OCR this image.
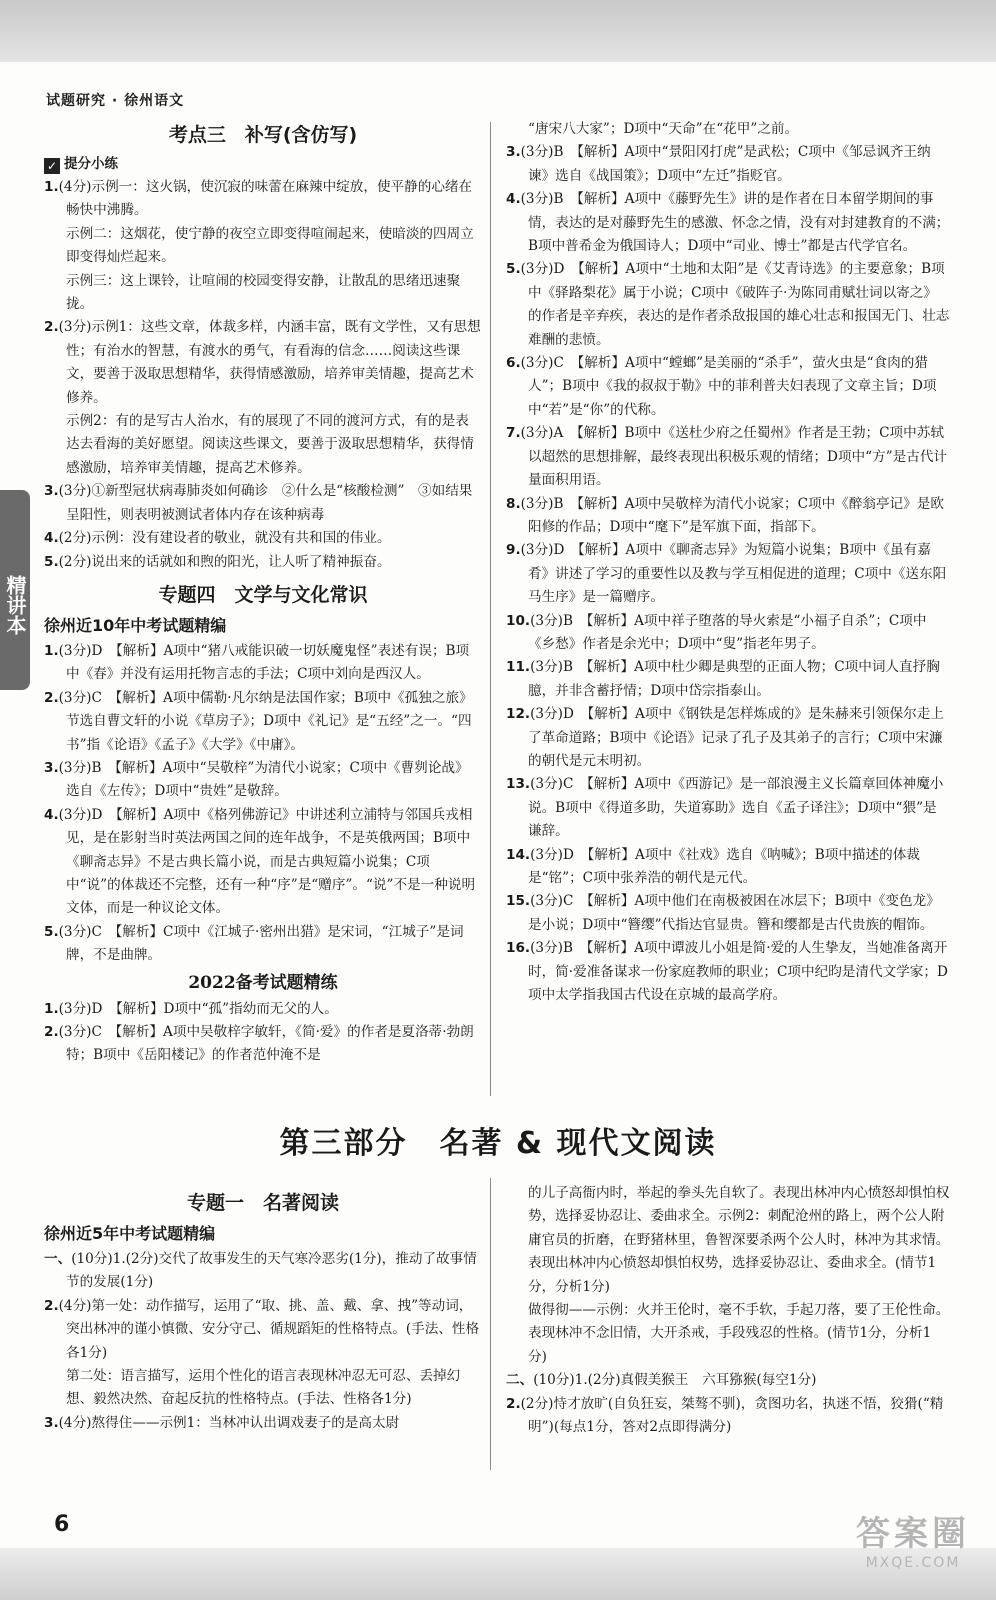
试题研究 · 徐州语文
精讲本
考点三　补写(含仿写)
✓ 提分小练

1.(4分)示例一：这火锅，使沉寂的味蕾在麻辣中绽放，使平静的心绪在畅快中沸腾。

示例二：这烟花，使宁静的夜空立即变得喧闹起来，使暗淡的四周立即变得灿烂起来。

示例三：这上课铃，让喧闹的校园变得安静，让散乱的思绪迅速聚拢。

2.(3分)示例1：这些文章，体裁多样，内涵丰富，既有文学性，又有思想性；有治水的智慧，有渡水的勇气，有看海的信念……阅读这些课文，要善于汲取思想精华，获得情感激励，培养审美情趣，提高艺术修养。

示例2：有的是写古人治水，有的展现了不同的渡河方式，有的是表达去看海的美好愿望。阅读这些课文，要善于汲取思想精华，获得情感激励，培养审美情趣，提高艺术修养。

3.(3分)①新型冠状病毒肺炎如何确诊　②什么是“核酸检测”　③如结果呈阳性，则表明被测试者体内存在该种病毒

4.(2分)示例：没有建设者的敬业，就没有共和国的伟业。

5.(2分)说出来的话就如和煦的阳光，让人听了精神振奋。

专题四　文学与文化常识
徐州近10年中考试题精编

1.(3分)D　【解析】A项中“猪八戒能识破一切妖魔鬼怪”表述有误；B项中《春》并没有运用托物言志的手法；C项中刘向是西汉人。

2.(3分)C　【解析】A项中儒勒·凡尔纳是法国作家；B项中《孤独之旅》节选自曹文轩的小说《草房子》；D项中《礼记》是“五经”之一。“四书”指《论语》《孟子》《大学》《中庸》。

3.(3分)B　【解析】A项中“吴敬梓”为清代小说家；C项中《曹刿论战》选自《左传》；D项中“贵姓”是敬辞。

4.(3分)D　【解析】A项中《格列佛游记》中讲述利立浦特与邻国兵戎相见，是在影射当时英法两国之间的连年战争，不是英俄两国；B项中《聊斋志异》不是古典长篇小说，而是古典短篇小说集；C项中“说”的体裁还不完整，还有一种“序”是“赠序”。“说”不是一种说明文体，而是一种议论文体。

5.(3分)C　【解析】C项中《江城子·密州出猎》是宋词，“江城子”是词牌，不是曲牌。

2022备考试题精练

1.(3分)D　【解析】D项中“孤”指幼而无父的人。

2.(3分)C　【解析】A项中吴敬梓字敏轩，《简·爱》的作者是夏洛蒂·勃朗特；B项中《岳阳楼记》的作者范仲淹不是

“唐宋八大家”；D项中“天命”在“花甲”之前。

3.(3分)B　【解析】A项中“景阳冈打虎”是武松；C项中《邹忌讽齐王纳谏》选自《战国策》；D项中“左迁”指贬官。

4.(3分)B　【解析】A项中《藤野先生》讲的是作者在日本留学期间的事情，表达的是对藤野先生的感激、怀念之情，没有对封建教育的不满；B项中普希金为俄国诗人；D项中“司业、博士”都是古代学官名。

5.(3分)D　【解析】A项中“土地和太阳”是《艾青诗选》的主要意象；B项中《驿路梨花》属于小说；C项中《破阵子·为陈同甫赋壮词以寄之》的作者是辛弃疾，表达的是作者杀敌报国的雄心壮志和报国无门、壮志难酬的悲愤。

6.(3分)C　【解析】A项中“螳螂”是美丽的“杀手”，萤火虫是“食肉的猎人”；B项中《我的叔叔于勒》中的菲利普夫妇表现了文章主旨；D项中“若”是“你”的代称。

7.(3分)A　【解析】B项中《送杜少府之任蜀州》作者是王勃；C项中苏轼以超然的思想排解，最终表现出积极乐观的情绪；D项中“方”是古代计量面积用语。

8.(3分)B　【解析】A项中吴敬梓为清代小说家；C项中《醉翁亭记》是欧阳修的作品；D项中“麾下”是军旗下面，指部下。

9.(3分)D　【解析】A项中《聊斋志异》为短篇小说集；B项中《虽有嘉肴》讲述了学习的重要性以及教与学互相促进的道理；C项中《送东阳马生序》是一篇赠序。

10.(3分)B　【解析】A项中祥子堕落的导火索是“小福子自杀”；C项中《乡愁》作者是余光中；D项中“叟”指老年男子。

11.(3分)B　【解析】A项中杜少卿是典型的正面人物；C项中词人直抒胸臆，并非含蓄抒情；D项中岱宗指泰山。

12.(3分)D　【解析】A项中《钢铁是怎样炼成的》是朱赫来引领保尔走上了革命道路；B项中《论语》记录了孔子及其弟子的言行；C项中宋濂的朝代是元末明初。

13.(3分)C　【解析】A项中《西游记》是一部浪漫主义长篇章回体神魔小说。B项中《得道多助，失道寡助》选自《孟子译注》；D项中“猥”是谦辞。

14.(3分)D　【解析】A项中《社戏》选自《呐喊》；B项中描述的体裁是“铭”；C项中张养浩的朝代是元代。

15.(3分)C　【解析】A项中他们在南极被困在冰层下；B项中《变色龙》是小说；D项中“簪缨”代指达官显贵。簪和缨都是古代贵族的帽饰。

16.(3分)B　【解析】A项中谭波儿小姐是简·爱的人生挚友，当她准备离开时，简·爱准备谋求一份家庭教师的职业；C项中纪昀是清代文学家；D项中太学指我国古代设在京城的最高学府。

第三部分　名著 & 现代文阅读
专题一　名著阅读
徐州近5年中考试题精编

一、(10分)1.(2分)交代了故事发生的天气寒冷恶劣(1分)，推动了故事情节的发展(1分)

2.(4分)第一处：动作描写，运用了“取、挑、盖、戴、拿、拽”等动词，突出林冲的谨小慎微、安分守己、循规蹈矩的性格特点。(手法、性格各1分)

第二处：语言描写，运用个性化的语言表现林冲忍无可忍、丢掉幻想、毅然决然、奋起反抗的性格特点。(手法、性格各1分)

3.(4分)熬得住——示例1：当林冲认出调戏妻子的是高太尉

的儿子高衙内时，举起的拳头先自软了。表现出林冲内心愤怒却惧怕权势，选择妥协忍让、委曲求全。示例2：刺配沧州的路上，两个公人附庸官员的折磨，在野猪林里，鲁智深要杀两个公人时，林冲为其求情。表现出林冲内心愤怒却惧怕权势，选择妥协忍让、委曲求全。(情节1分，分析1分)

做得彻——示例：火并王伦时，毫不手软，手起刀落，要了王伦性命。表现林冲不念旧情，大开杀戒，手段残忍的性格。(情节1分，分析1分)

二、(10分)1.(2分)真假美猴王　六耳猕猴(每空1分)

2.(2分)恃才放旷(自负狂妄，桀骜不驯)，贪图功名，执迷不悟，狡猾(“精明”)(每点1分，答对2点即得满分)

6	答案圈
MXQE.COM
